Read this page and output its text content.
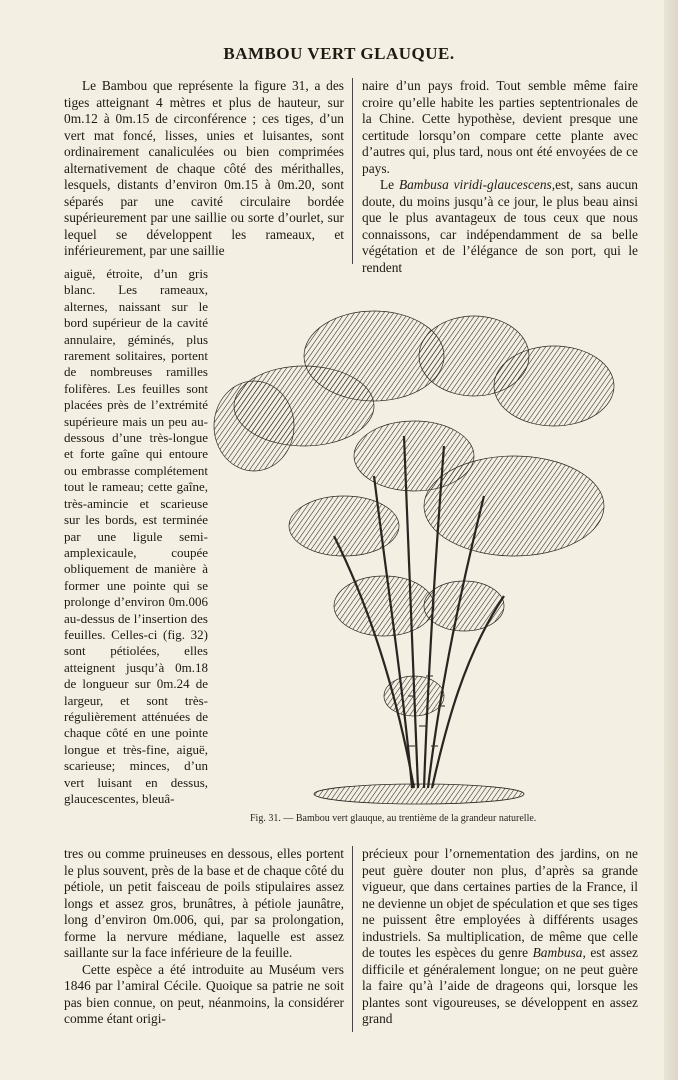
BAMBOU VERT GLAUQUE.

Le Bambou que représente la figure 31, a des tiges atteignant 4 mètres et plus de hauteur, sur 0m.12 à 0m.15 de circonférence ; ces tiges, d’un vert mat foncé, lisses, unies et luisantes, sont ordinairement canaliculées ou bien comprimées alternativement de chaque côté des mérithalles, lesquels, distants d’environ 0m.15 à 0m.20, sont séparés par une cavité circulaire bordée supérieurement par une saillie ou sorte d’ourlet, sur lequel se développent les rameaux, et inférieurement, par une saillie

naire d’un pays froid. Tout semble même faire croire qu’elle habite les parties septentrionales de la Chine. Cette hypothèse, devient presque une certitude lorsqu’on compare cette plante avec d’autres qui, plus tard, nous ont été envoyées de ce pays.

Le Bambusa viridi-glaucescens,est, sans aucun doute, du moins jusqu’à ce jour, le plus beau ainsi que le plus avantageux de tous ceux que nous connaissons, car indépendamment de sa belle végétation et de l’élégance de son port, qui le rendent

aiguë, étroite, d’un gris blanc. Les rameaux, alternes, naissant sur le bord supérieur de la cavité annulaire, géminés, plus rarement solitaires, portent de nombreuses ramilles folifères. Les feuilles sont placées près de l’extrémité supérieure mais un peu au-dessous d’une très-longue et forte gaîne qui entoure ou embrasse complétement tout le rameau; cette gaîne, très-amincie et scarieuse sur les bords, est terminée par une ligule semi-amplexicaule, coupée obliquement de manière à former une pointe qui se prolonge d’environ 0m.006 au-dessus de l’insertion des feuilles. Celles-ci (fig. 32) sont pétiolées, elles atteignent jusqu’à 0m.18 de longueur sur 0m.24 de largeur, et sont très-régulièrement atténuées de chaque côté en une pointe longue et très-fine, aiguë, scarieuse; minces, d’un vert luisant en dessus, glaucescentes, bleuâ-

Fig. 31. — Bambou vert glauque, au trentième de la grandeur naturelle.

tres ou comme pruineuses en dessous, elles portent le plus souvent, près de la base et de chaque côté du pétiole, un petit faisceau de poils stipulaires assez longs et assez gros, brunâtres, à pétiole jaunâtre, long d’environ 0m.006, qui, par sa prolongation, forme la nervure médiane, laquelle est assez saillante sur la face inférieure de la feuille.

Cette espèce a été introduite au Muséum vers 1846 par l’amiral Cécile. Quoique sa patrie ne soit pas bien connue, on peut, néanmoins, la considérer comme étant origi-

précieux pour l’ornementation des jardins, on ne peut guère douter non plus, d’après sa grande vigueur, que dans certaines parties de la France, il ne devienne un objet de spéculation et que ses tiges ne puissent être employées à différents usages industriels. Sa multiplication, de même que celle de toutes les espèces du genre Bambusa, est assez difficile et généralement longue; on ne peut guère la faire qu’à l’aide de drageons qui, lorsque les plantes sont vigoureuses, se développent en assez grand
